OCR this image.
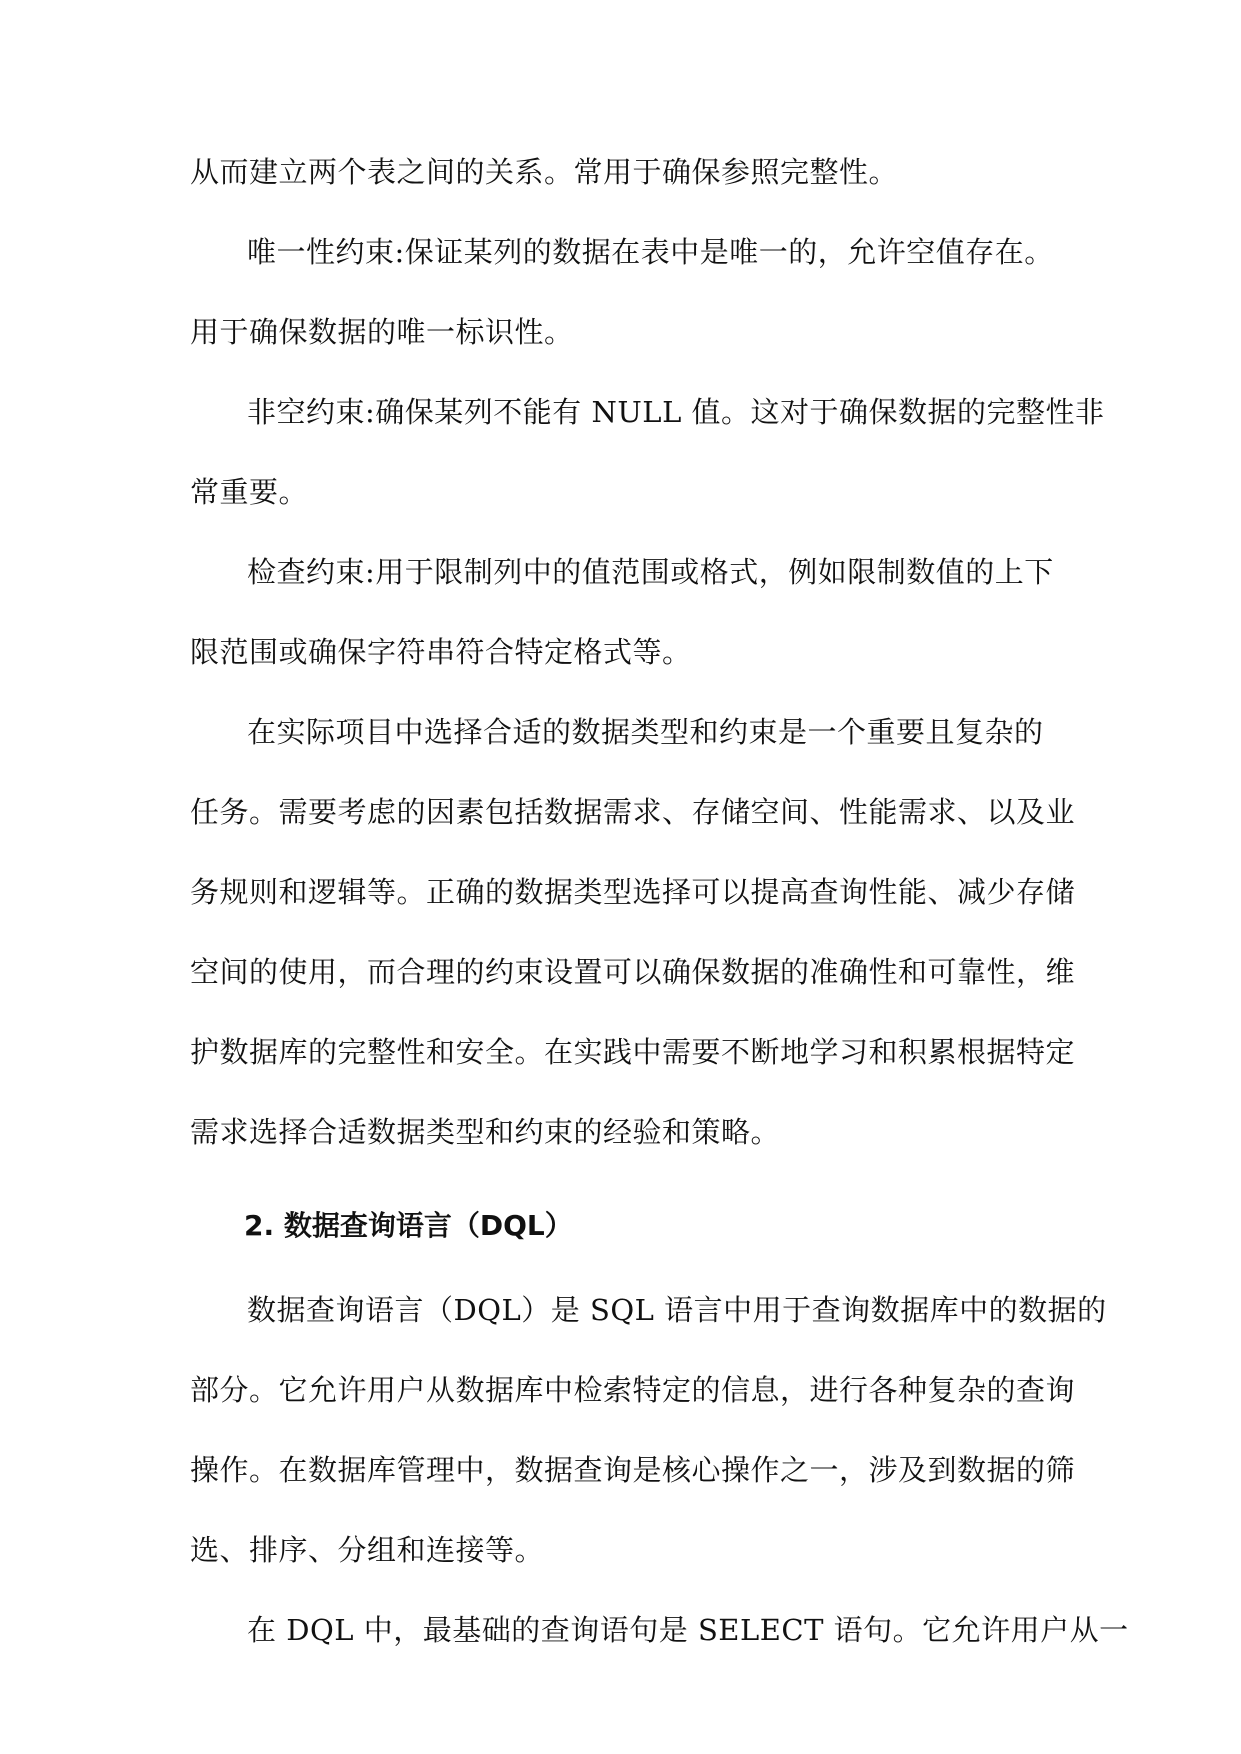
从而建立两个表之间的关系。常用于确保参照完整性。
唯一性约束:保证某列的数据在表中是唯一的，允许空值存在。
用于确保数据的唯一标识性。
非空约束:确保某列不能有 NULL 值。这对于确保数据的完整性非
常重要。
检查约束:用于限制列中的值范围或格式，例如限制数值的上下
限范围或确保字符串符合特定格式等。
在实际项目中选择合适的数据类型和约束是一个重要且复杂的
任务。需要考虑的因素包括数据需求、存储空间、性能需求、以及业
务规则和逻辑等。正确的数据类型选择可以提高查询性能、减少存储
空间的使用，而合理的约束设置可以确保数据的准确性和可靠性，维
护数据库的完整性和安全。在实践中需要不断地学习和积累根据特定
需求选择合适数据类型和约束的经验和策略。
2. 数据查询语言（DQL）
数据查询语言（DQL）是 SQL 语言中用于查询数据库中的数据的
部分。它允许用户从数据库中检索特定的信息，进行各种复杂的查询
操作。在数据库管理中，数据查询是核心操作之一，涉及到数据的筛
选、排序、分组和连接等。
在 DQL 中，最基础的查询语句是 SELECT 语句。它允许用户从一
